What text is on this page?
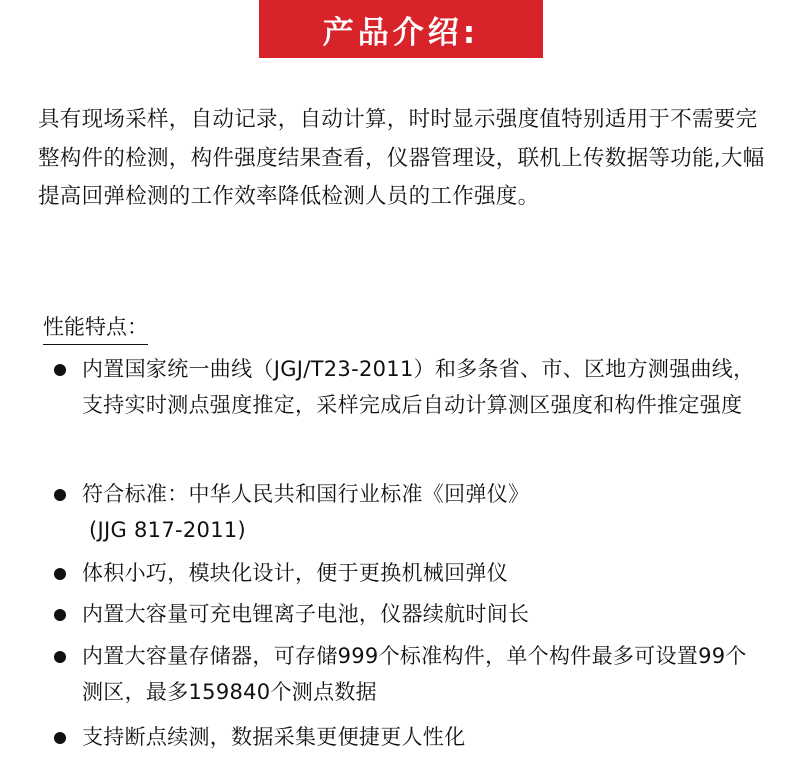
产品介绍:
具有现场采样，自动记录，自动计算，时时显示强度值特别适用于不需要完整构件的检测，构件强度结果查看，仪器管理设，联机上传数据等功能,大幅提高回弹检测的工作效率降低检测人员的工作强度。
性能特点：
内置国家统一曲线（JGJ/T23-2011）和多条省、市、区地方测强曲线，支持实时测点强度推定，采样完成后自动计算测区强度和构件推定强度
符合标准：中华人民共和国行业标准《回弹仪》
(JJG 817-2011)
体积小巧，模块化设计，便于更换机械回弹仪
内置大容量可充电锂离子电池，仪器续航时间长
内置大容量存储器，可存储999个标准构件，单个构件最多可设置99个测区，最多159840个测点数据
支持断点续测，数据采集更便捷更人性化
